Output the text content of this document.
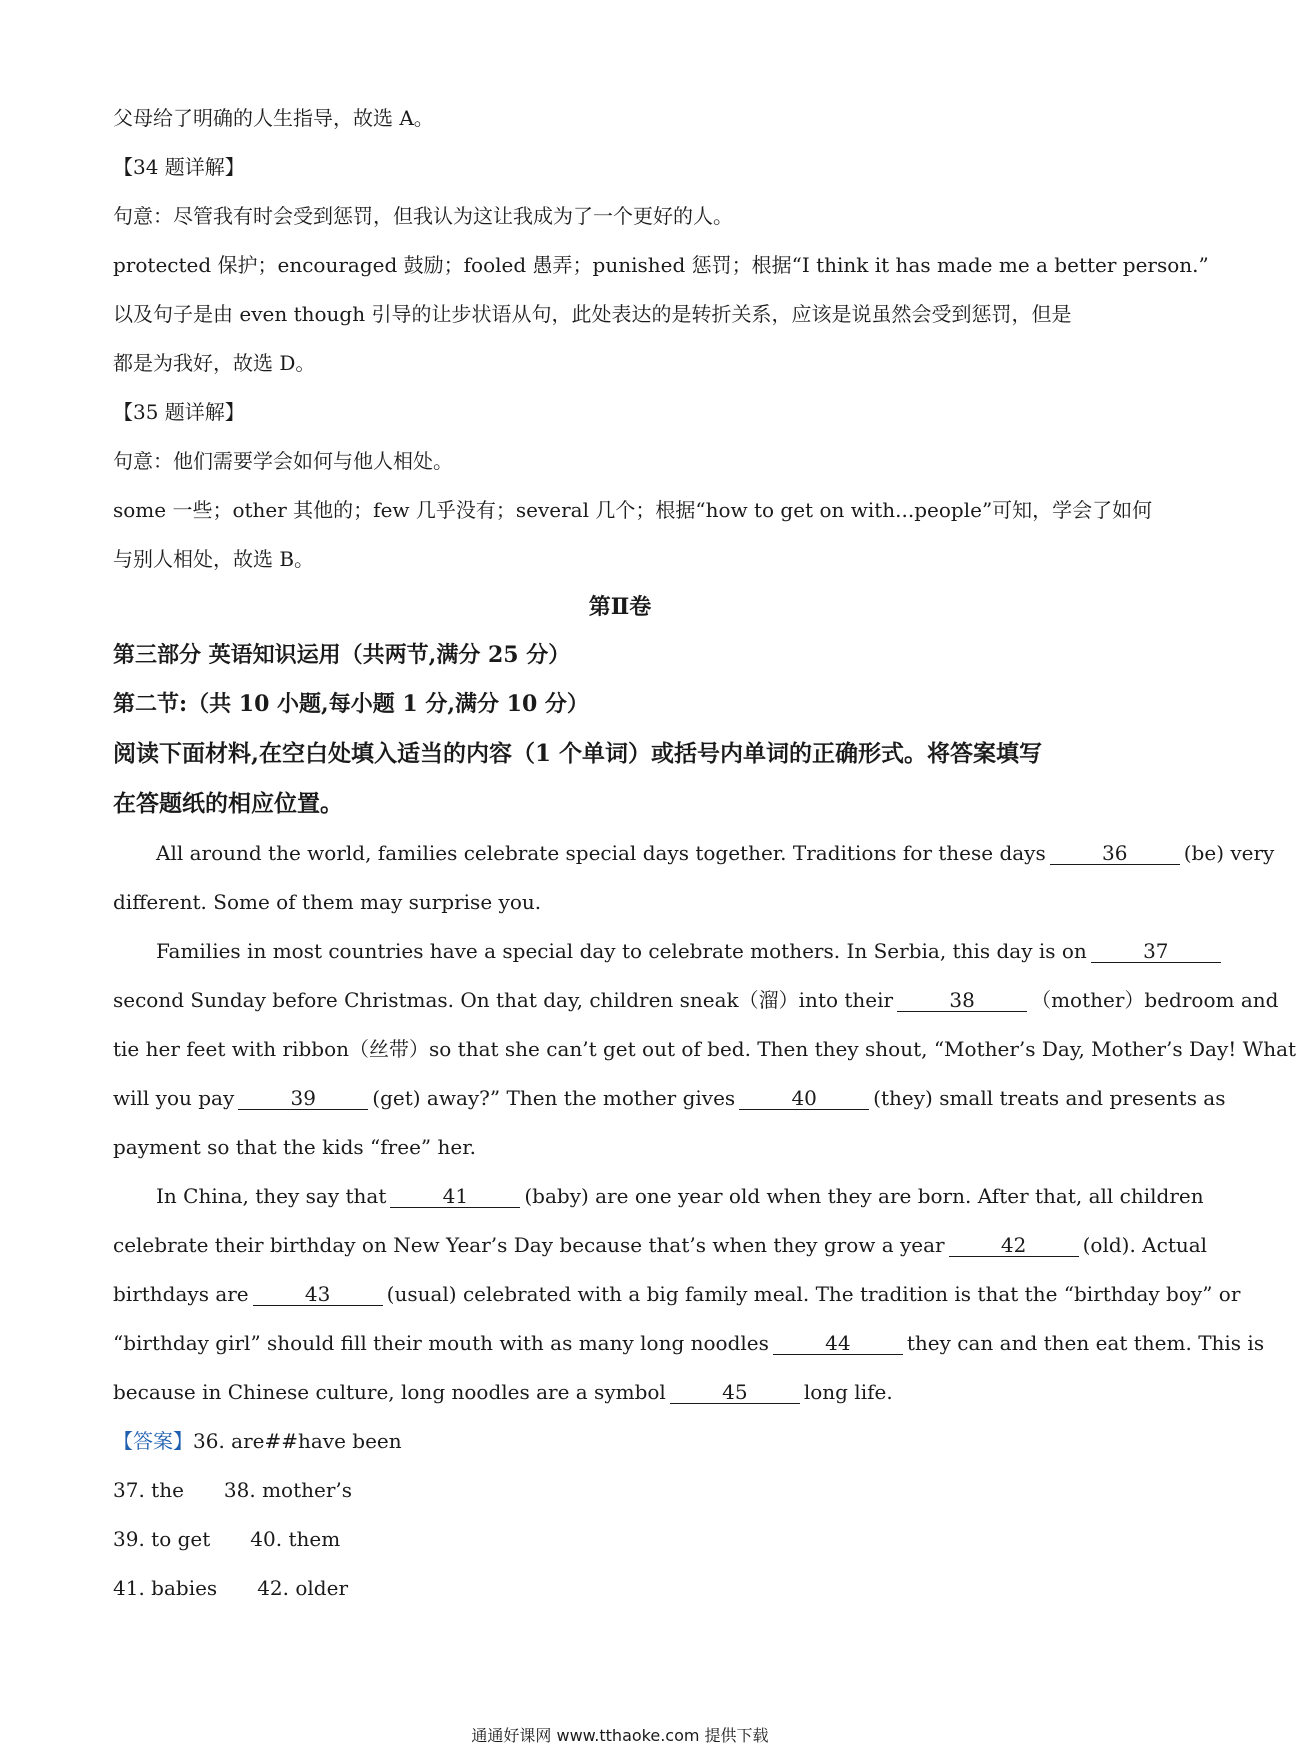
父母给了明确的人生指导，故选 A。

【34 题详解】

句意：尽管我有时会受到惩罚，但我认为这让我成为了一个更好的人。

protected 保护；encouraged 鼓励；fooled 愚弄；punished 惩罚；根据“I think it has made me a better person.”

以及句子是由 even though 引导的让步状语从句，此处表达的是转折关系，应该是说虽然会受到惩罚，但是

都是为我好，故选 D。

【35 题详解】

句意：他们需要学会如何与他人相处。

some 一些；other 其他的；few 几乎没有；several 几个；根据“how to get on with...people”可知，学会了如何

与别人相处，故选 B。

第Ⅱ卷

第三部分 英语知识运用（共两节,满分 25 分）

第二节:（共 10 小题,每小题 1 分,满分 10 分）

阅读下面材料,在空白处填入适当的内容（1 个单词）或括号内单词的正确形式。将答案填写

在答题纸的相应位置。

All around the world, families celebrate special days together. Traditions for these days	36	(be) very

different. Some of them may surprise you.

Families in most countries have a special day to celebrate mothers. In Serbia, this day is on	37

second Sunday before Christmas. On that day, children sneak（溜）into their	38	（mother）bedroom and

tie her feet with ribbon（丝带）so that she can’t get out of bed. Then they shout, “Mother’s Day, Mother’s Day! What

will you pay	39	(get) away?” Then the mother gives	40	(they) small treats and presents as

payment so that the kids “free” her.

In China, they say that	41	(baby) are one year old when they are born. After that, all children

celebrate their birthday on New Year’s Day because that’s when they grow a year	42	(old). Actual

birthdays are	43	(usual) celebrated with a big family meal. The tradition is that the “birthday boy” or

“birthday girl” should fill their mouth with as many long noodles	44	they can and then eat them. This is

because in Chinese culture, long noodles are a symbol	45	long life.

【答案】36. are##have been

37. the 38. mother’s

39. to get 40. them

41. babies 42. older

通通好课网 www.tthaoke.com 提供下载
